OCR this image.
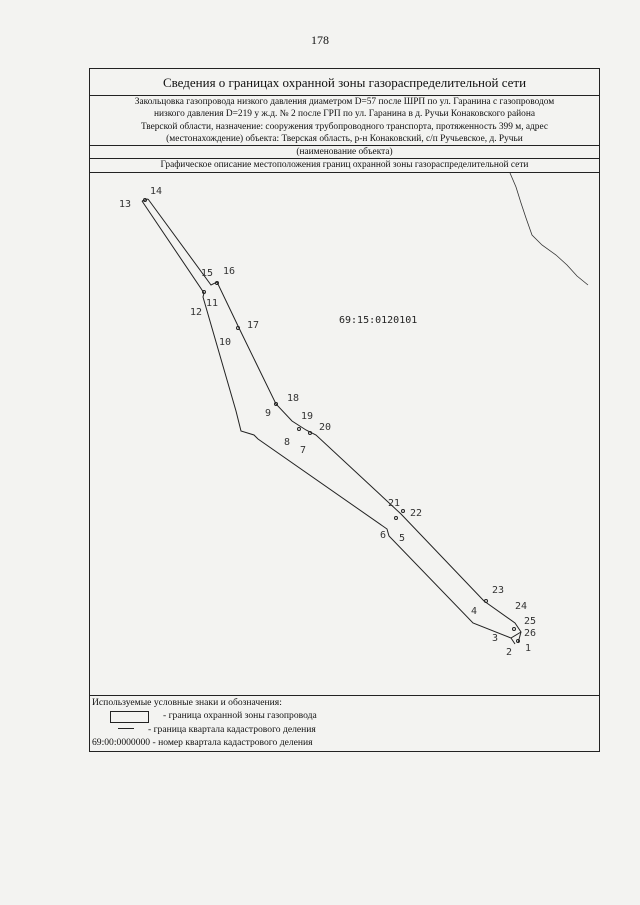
178
Сведения о границах охранной зоны газораспределительной сети
Закольцовка газопровода низкого давления диаметром D=57 после ШРП по ул. Гаранина с газопроводом
низкого давления D=219 у ж.д. № 2 после ГРП по ул. Гаранина в д. Ручьи Конаковского района
Тверской области, назначение: сооружения трубопроводного транспорта, протяженность 399 м, адрес
(местонахождение) объекта: Тверская область, р-н Конаковский, с/п Ручьевское, д. Ручьи
(наименование объекта)
Графическое описание местоположения границ охранной зоны газораспределительной сети
1
2
3
4
5
6
7
8
9
10
11
12
13
14
15 16
17
18
19
20
21
22
23
24
25
26
69:15:0120101
Используемые условные знаки и обозначения:
- граница охранной зоны газопровода
- граница квартала кадастрового деления
69:00:0000000 - номер квартала кадастрового деления
